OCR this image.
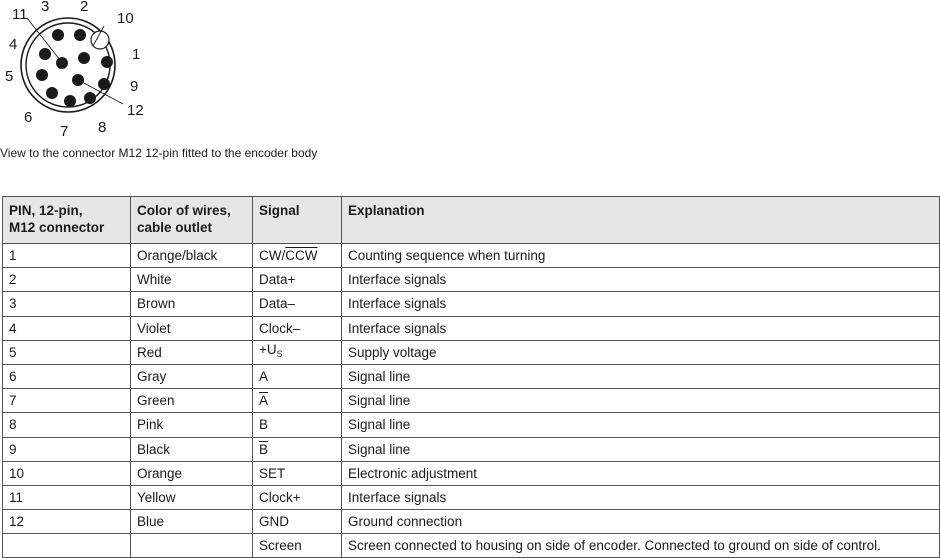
1
2
3
4
5
6
7 8
9
10
11
12
View to the connector M12 12-pin fitted to the encoder body
PIN, 12-pin,
M12 connector	Color of wires,
cable outlet	Signal	Explanation
1	Orange/black	$CW/\overline{CCW}$	Counting sequence when turning
2	White	Data+	Interface signals
3	Brown	Data–	Interface signals
4	Violet	Clock–	Interface signals
5	Red	$+U_S$	Supply voltage
6	Gray	A	Signal line
7	Green	$\overline{A}$	Signal line
8	Pink	B	Signal line
9	Black	$\overline{B}$	Signal line
10	Orange	SET	Electronic adjustment
11	Yellow	Clock+	Interface signals
12	Blue	GND	Ground connection
		Screen	Screen connected to housing on side of encoder. Connected to ground on side of control.
